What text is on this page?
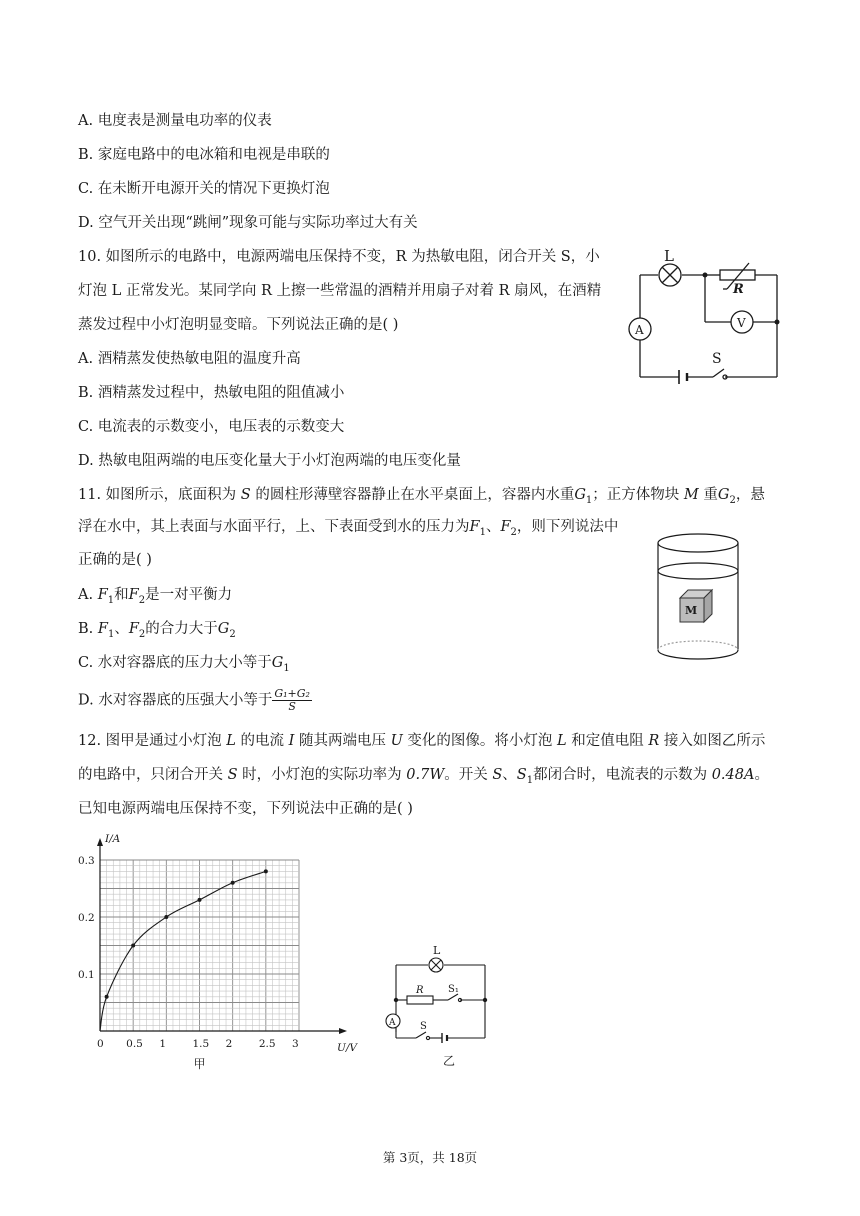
A. 电度表是测量电功率的仪表
B. 家庭电路中的电冰箱和电视是串联的
C. 在未断开电源开关的情况下更换灯泡
D. 空气开关出现“跳闸”现象可能与实际功率过大有关
10. 如图所示的电路中，电源两端电压保持不变，R 为热敏电阻，闭合开关 S，小
灯泡 L 正常发光。某同学向 R 上擦一些常温的酒精并用扇子对着 R 扇风，在酒精
蒸发过程中小灯泡明显变暗。下列说法正确的是( )
A. 酒精蒸发使热敏电阻的温度升高
B. 酒精蒸发过程中，热敏电阻的阻值减小
C. 电流表的示数变小，电压表的示数变大
D. 热敏电阻两端的电压变化量大于小灯泡两端的电压变化量
L
R
A	V
S
11. 如图所示，底面积为 S 的圆柱形薄壁容器静止在水平桌面上，容器内水重$G_1$；正方体物块 M 重$G_2$，悬
浮在水中，其上表面与水面平行，上、下表面受到水的压力为$F_1$、$F_2$，则下列说法中
正确的是( )
A. $F_1$和$F_2$是一对平衡力
B. $F_1$、$F_2$的合力大于$G_2$
C. 水对容器底的压力大小等于$G_1$
D. 水对容器底的压强大小等于 $\frac{\text{G₁+G₂}}{S}$
M
12. 图甲是通过小灯泡 L 的电流 I 随其两端电压 U 变化的图像。将小灯泡 L 和定值电阻 R 接入如图乙所示
的电路中，只闭合开关 S 时，小灯泡的实际功率为 0.7W。开关 S、$S_1$都闭合时，电流表的示数为 0.48A。
已知电源两端电压保持不变，下列说法中正确的是( )
0 0.5 1	1.5 2	2.5 3
0.1
0.2
0.3
U/V
I/A
甲
L
R S₁
A S
乙
第 3页，共 18页
